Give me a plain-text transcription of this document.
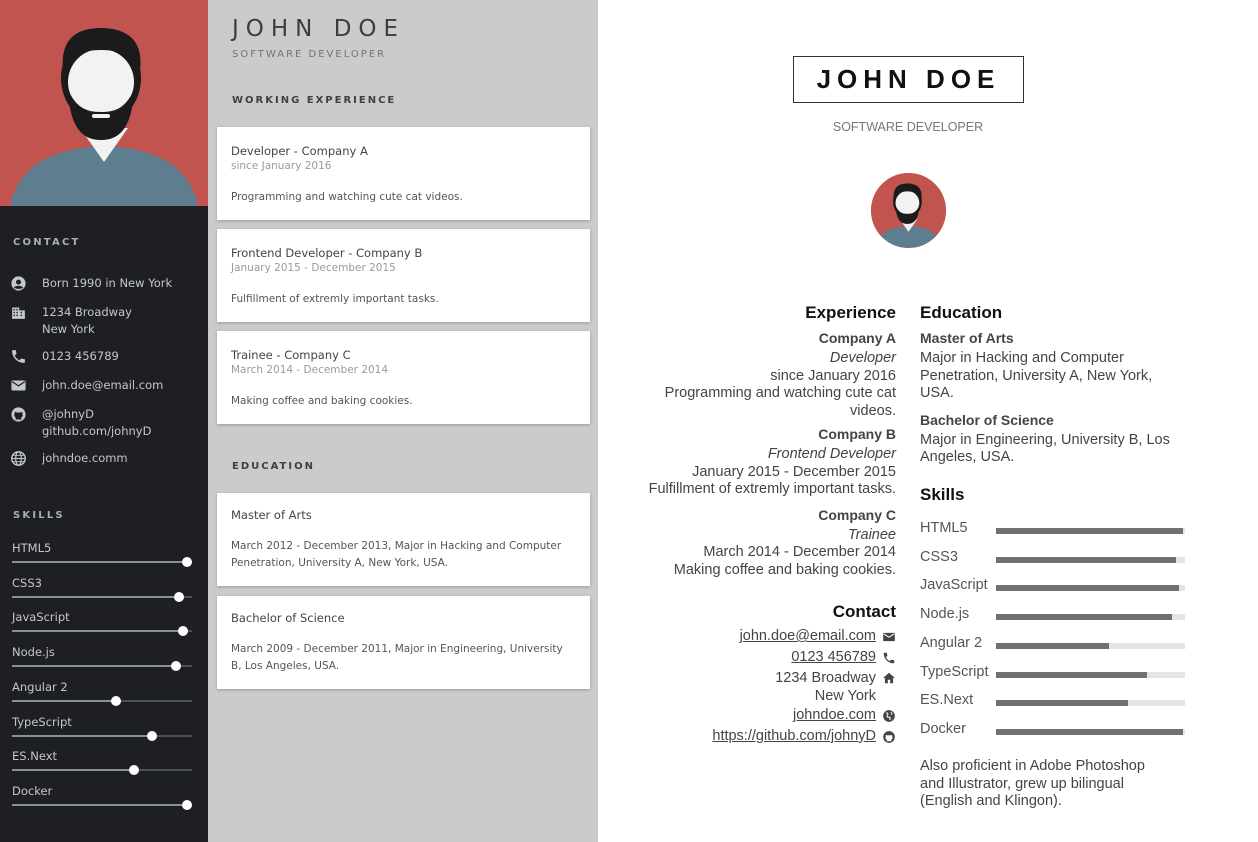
CONTACT
Born 1990 in New York
1234 Broadway
New York
0123 456789
john.doe@email.com
@johnyD
github.com/johnyD
johndoe.comm
SKILLS
HTML5
CSS3
JavaScript
Node.js
Angular 2
TypeScript
ES.Next
Docker
JOHN DOE
SOFTWARE DEVELOPER
WORKING EXPERIENCE
Developer - Company A
since January 2016
Programming and watching cute cat videos.
Frontend Developer - Company B
January 2015 - December 2015
Fulfillment of extremly important tasks.
Trainee - Company C
March 2014 - December 2014
Making coffee and baking cookies.
EDUCATION
Master of Arts
March 2012 - December 2013, Major in Hacking and Computer Penetration, University A, New York, USA.
Bachelor of Science
March 2009 - December 2011, Major in Engineering, University B, Los Angeles, USA.
JOHN DOE
SOFTWARE DEVELOPER
Experience
Company A
Developer
since January 2016
Programming and watching cute cat
videos.
Company B
Frontend Developer
January 2015 - December 2015
Fulfillment of extremly important tasks.
Company C
Trainee
March 2014 - December 2014
Making coffee and baking cookies.
Contact
john.doe@email.com
0123 456789
1234 Broadway
New York
johndoe.com
https://github.com/johnyD
Education
Master of Arts
Major in Hacking and Computer
Penetration, University A, New York,
USA.
Bachelor of Science
Major in Engineering, University B, Los
Angeles, USA.
Skills
HTML5
CSS3
JavaScript
Node.js
Angular 2
TypeScript
ES.Next
Docker
Also proficient in Adobe Photoshop
and Illustrator, grew up bilingual
(English and Klingon).
